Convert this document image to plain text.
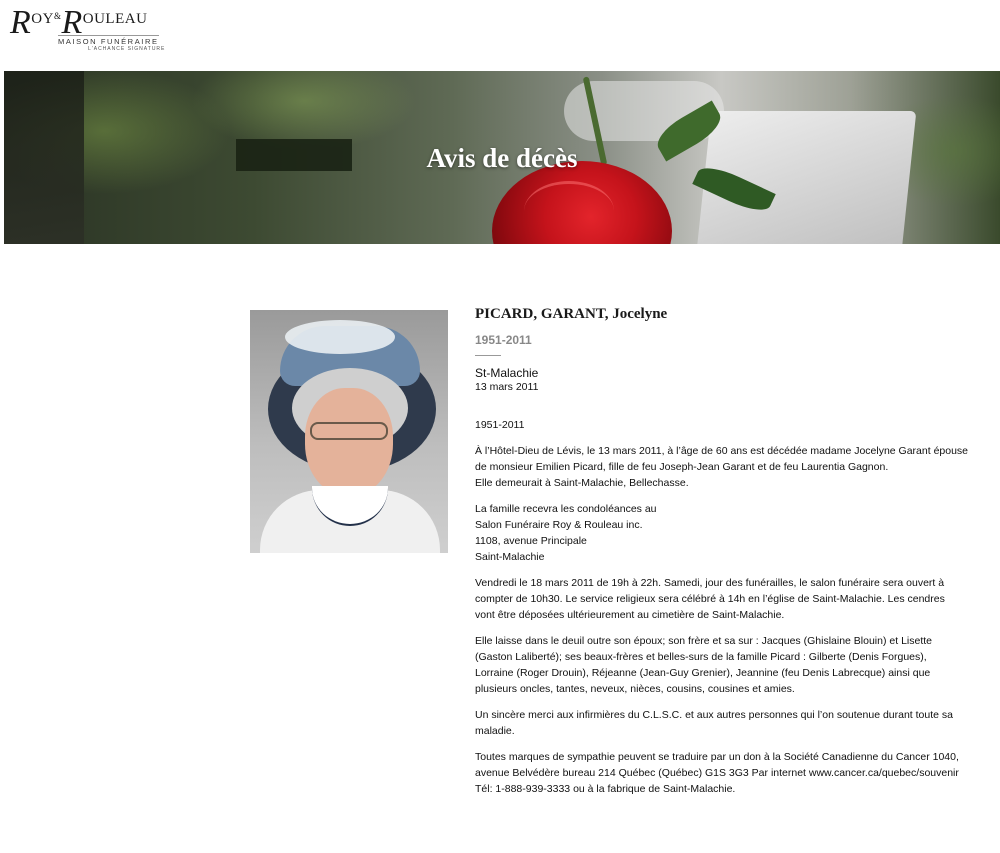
$R^{OY\&}R^{OULEAU}$
MAISON FUNÉRAIRE
L'ACHANCE SIGNATURE
Avis de décès
PICARD, GARANT, Jocelyne
1951-2011
St-Malachie
13 mars 2011
1951-2011
À l’Hôtel-Dieu de Lévis, le 13 mars 2011, à l’âge de 60 ans est décédée madame Jocelyne Garant épouse
de monsieur Emilien Picard, fille de feu Joseph-Jean Garant et de feu Laurentia Gagnon.
Elle demeurait à Saint-Malachie, Bellechasse.
La famille recevra les condoléances au
Salon Funéraire Roy & Rouleau inc.
1108, avenue Principale
Saint-Malachie
Vendredi le 18 mars 2011 de 19h à 22h. Samedi, jour des funérailles, le salon funéraire sera ouvert à
compter de 10h30. Le service religieux sera célébré à 14h en l’église de Saint-Malachie. Les cendres
vont être déposées ultérieurement au cimetière de Saint-Malachie.
Elle laisse dans le deuil outre son époux; son frère et sa sur : Jacques (Ghislaine Blouin) et Lisette
(Gaston Laliberté); ses beaux-frères et belles-surs de la famille Picard : Gilberte (Denis Forgues),
Lorraine (Roger Drouin), Réjeanne (Jean-Guy Grenier), Jeannine (feu Denis Labrecque) ainsi que
plusieurs oncles, tantes, neveux, nièces, cousins, cousines et amies.
Un sincère merci aux infirmières du C.L.S.C. et aux autres personnes qui l’on soutenue durant toute sa
maladie.
Toutes marques de sympathie peuvent se traduire par un don à la Société Canadienne du Cancer 1040,
avenue Belvédère bureau 214 Québec (Québec) G1S 3G3 Par internet www.cancer.ca/quebec/souvenir
Tél: 1-888-939-3333 ou à la fabrique de Saint-Malachie.
